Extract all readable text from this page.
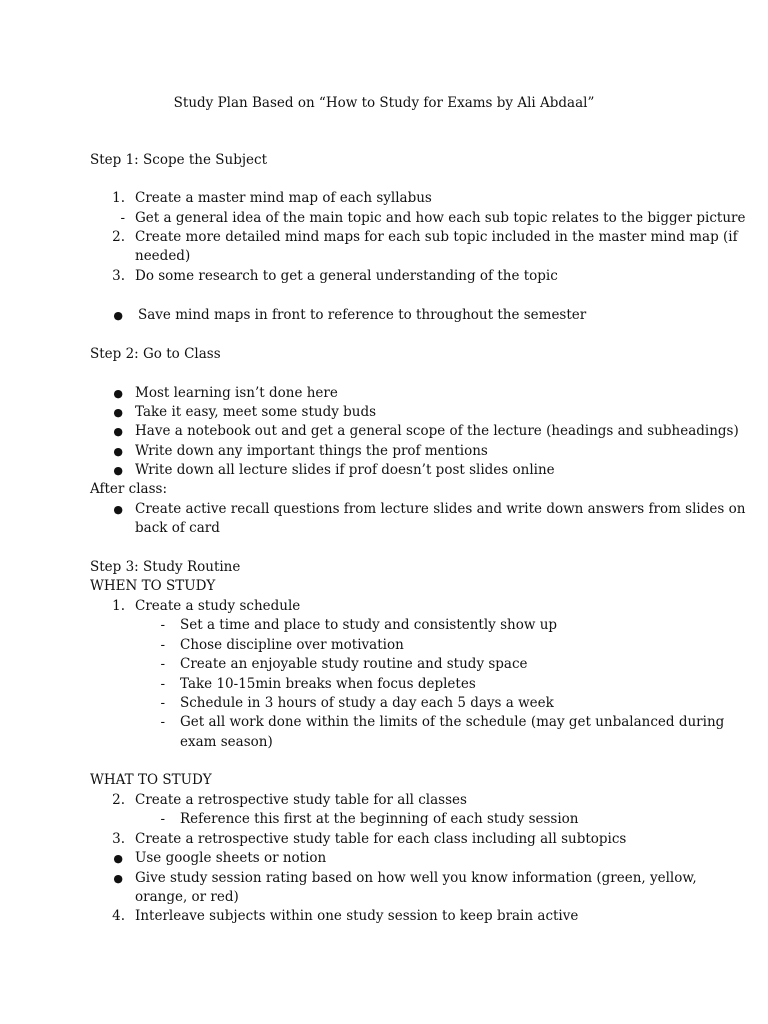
Study Plan Based on “How to Study for Exams by Ali Abdaal”
Step 1: Scope the Subject
1. Create a master mind map of each syllabus
- Get a general idea of the main topic and how each sub topic relates to the bigger picture
2. Create more detailed mind maps for each sub topic included in the master mind map (if
needed)
3. Do some research to get a general understanding of the topic
● Save mind maps in front to reference to throughout the semester
Step 2: Go to Class
● Most learning isn’t done here
● Take it easy, meet some study buds
● Have a notebook out and get a general scope of the lecture (headings and subheadings)
● Write down any important things the prof mentions
● Write down all lecture slides if prof doesn’t post slides online
After class:
● Create active recall questions from lecture slides and write down answers from slides on
back of card
Step 3: Study Routine
WHEN TO STUDY
1. Create a study schedule
- Set a time and place to study and consistently show up
- Chose discipline over motivation
- Create an enjoyable study routine and study space
- Take 10-15min breaks when focus depletes
- Schedule in 3 hours of study a day each 5 days a week
- Get all work done within the limits of the schedule (may get unbalanced during
exam season)
WHAT TO STUDY
2. Create a retrospective study table for all classes
- Reference this first at the beginning of each study session
3. Create a retrospective study table for each class including all subtopics
● Use google sheets or notion
● Give study session rating based on how well you know information (green, yellow,
orange, or red)
4. Interleave subjects within one study session to keep brain active
